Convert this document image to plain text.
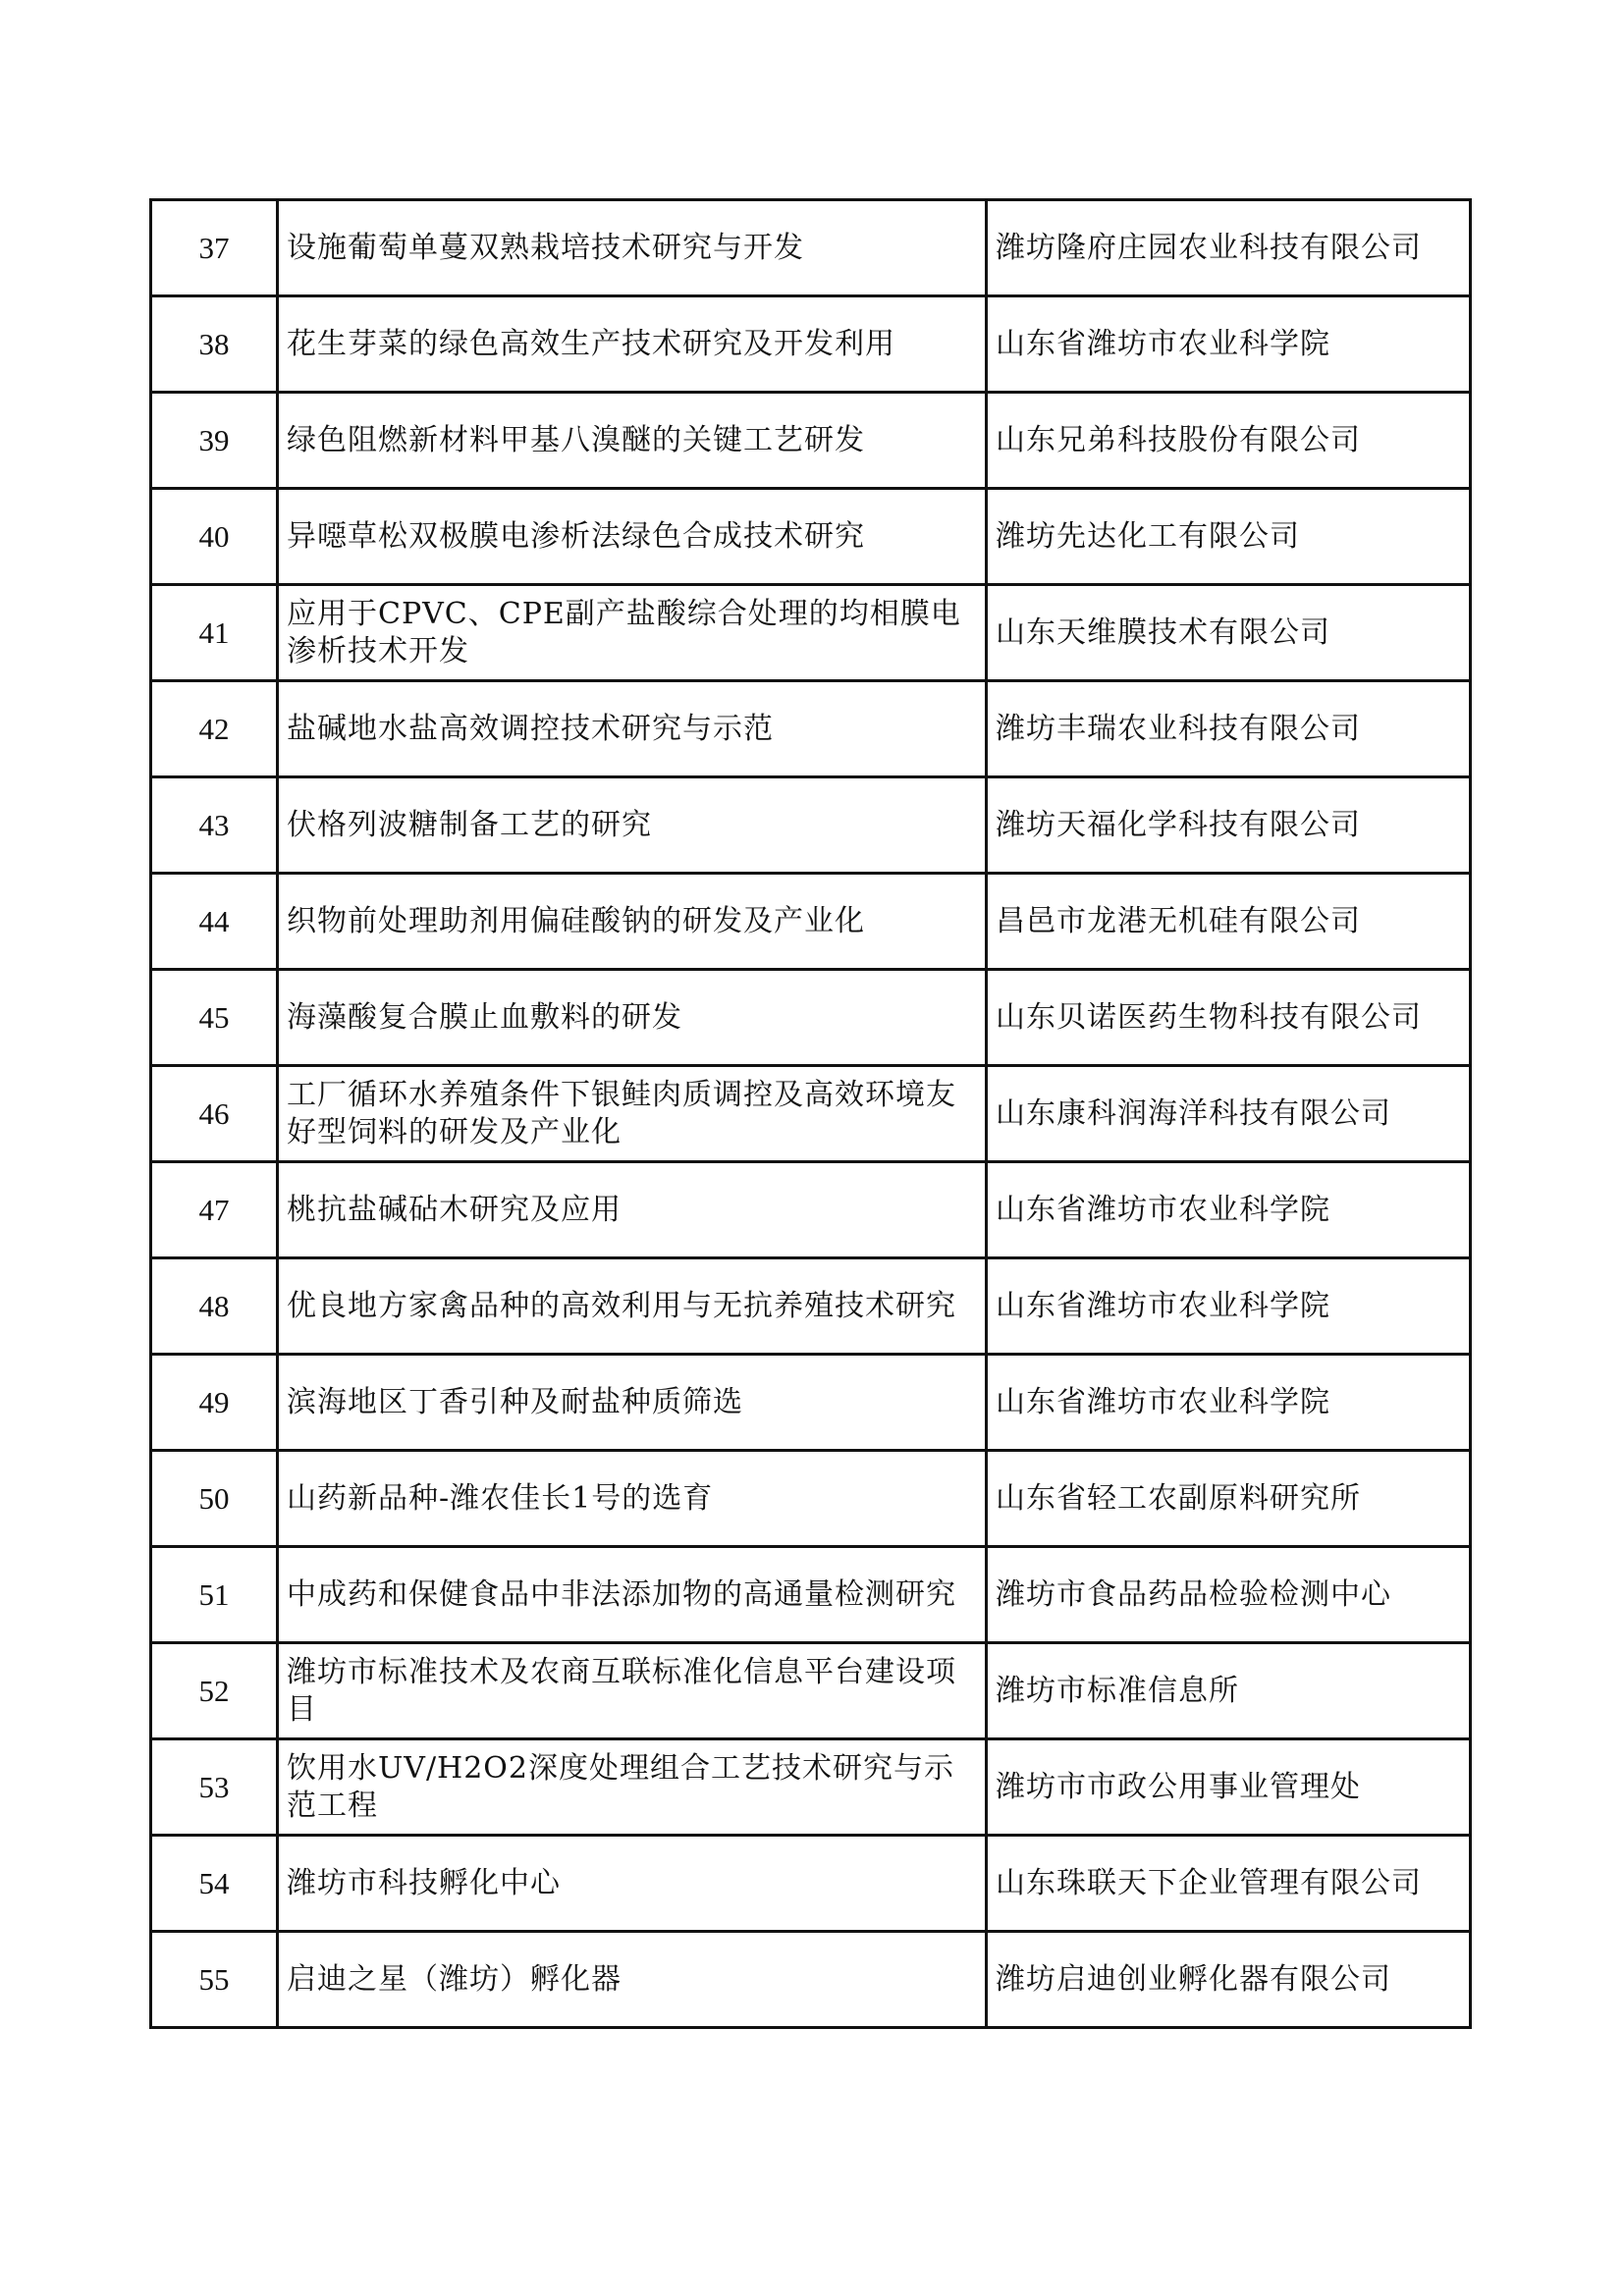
37	设施葡萄单蔓双熟栽培技术研究与开发	潍坊隆府庄园农业科技有限公司
38	花生芽菜的绿色高效生产技术研究及开发利用	山东省潍坊市农业科学院
39	绿色阻燃新材料甲基八溴醚的关键工艺研发	山东兄弟科技股份有限公司
40	异噁草松双极膜电渗析法绿色合成技术研究	潍坊先达化工有限公司
41	应用于CPVC、CPE副产盐酸综合处理的均相膜电渗析技术开发	山东天维膜技术有限公司
42	盐碱地水盐高效调控技术研究与示范	潍坊丰瑞农业科技有限公司
43	伏格列波糖制备工艺的研究	潍坊天福化学科技有限公司
44	织物前处理助剂用偏硅酸钠的研发及产业化	昌邑市龙港无机硅有限公司
45	海藻酸复合膜止血敷料的研发	山东贝诺医药生物科技有限公司
46	工厂循环水养殖条件下银鲑肉质调控及高效环境友好型饲料的研发及产业化	山东康科润海洋科技有限公司
47	桃抗盐碱砧木研究及应用	山东省潍坊市农业科学院
48	优良地方家禽品种的高效利用与无抗养殖技术研究	山东省潍坊市农业科学院
49	滨海地区丁香引种及耐盐种质筛选	山东省潍坊市农业科学院
50	山药新品种-潍农佳长1号的选育	山东省轻工农副原料研究所
51	中成药和保健食品中非法添加物的高通量检测研究	潍坊市食品药品检验检测中心
52	潍坊市标准技术及农商互联标准化信息平台建设项目	潍坊市标准信息所
53	饮用水UV/H2O2深度处理组合工艺技术研究与示范工程	潍坊市市政公用事业管理处
54	潍坊市科技孵化中心	山东珠联天下企业管理有限公司
55	启迪之星（潍坊）孵化器	潍坊启迪创业孵化器有限公司
